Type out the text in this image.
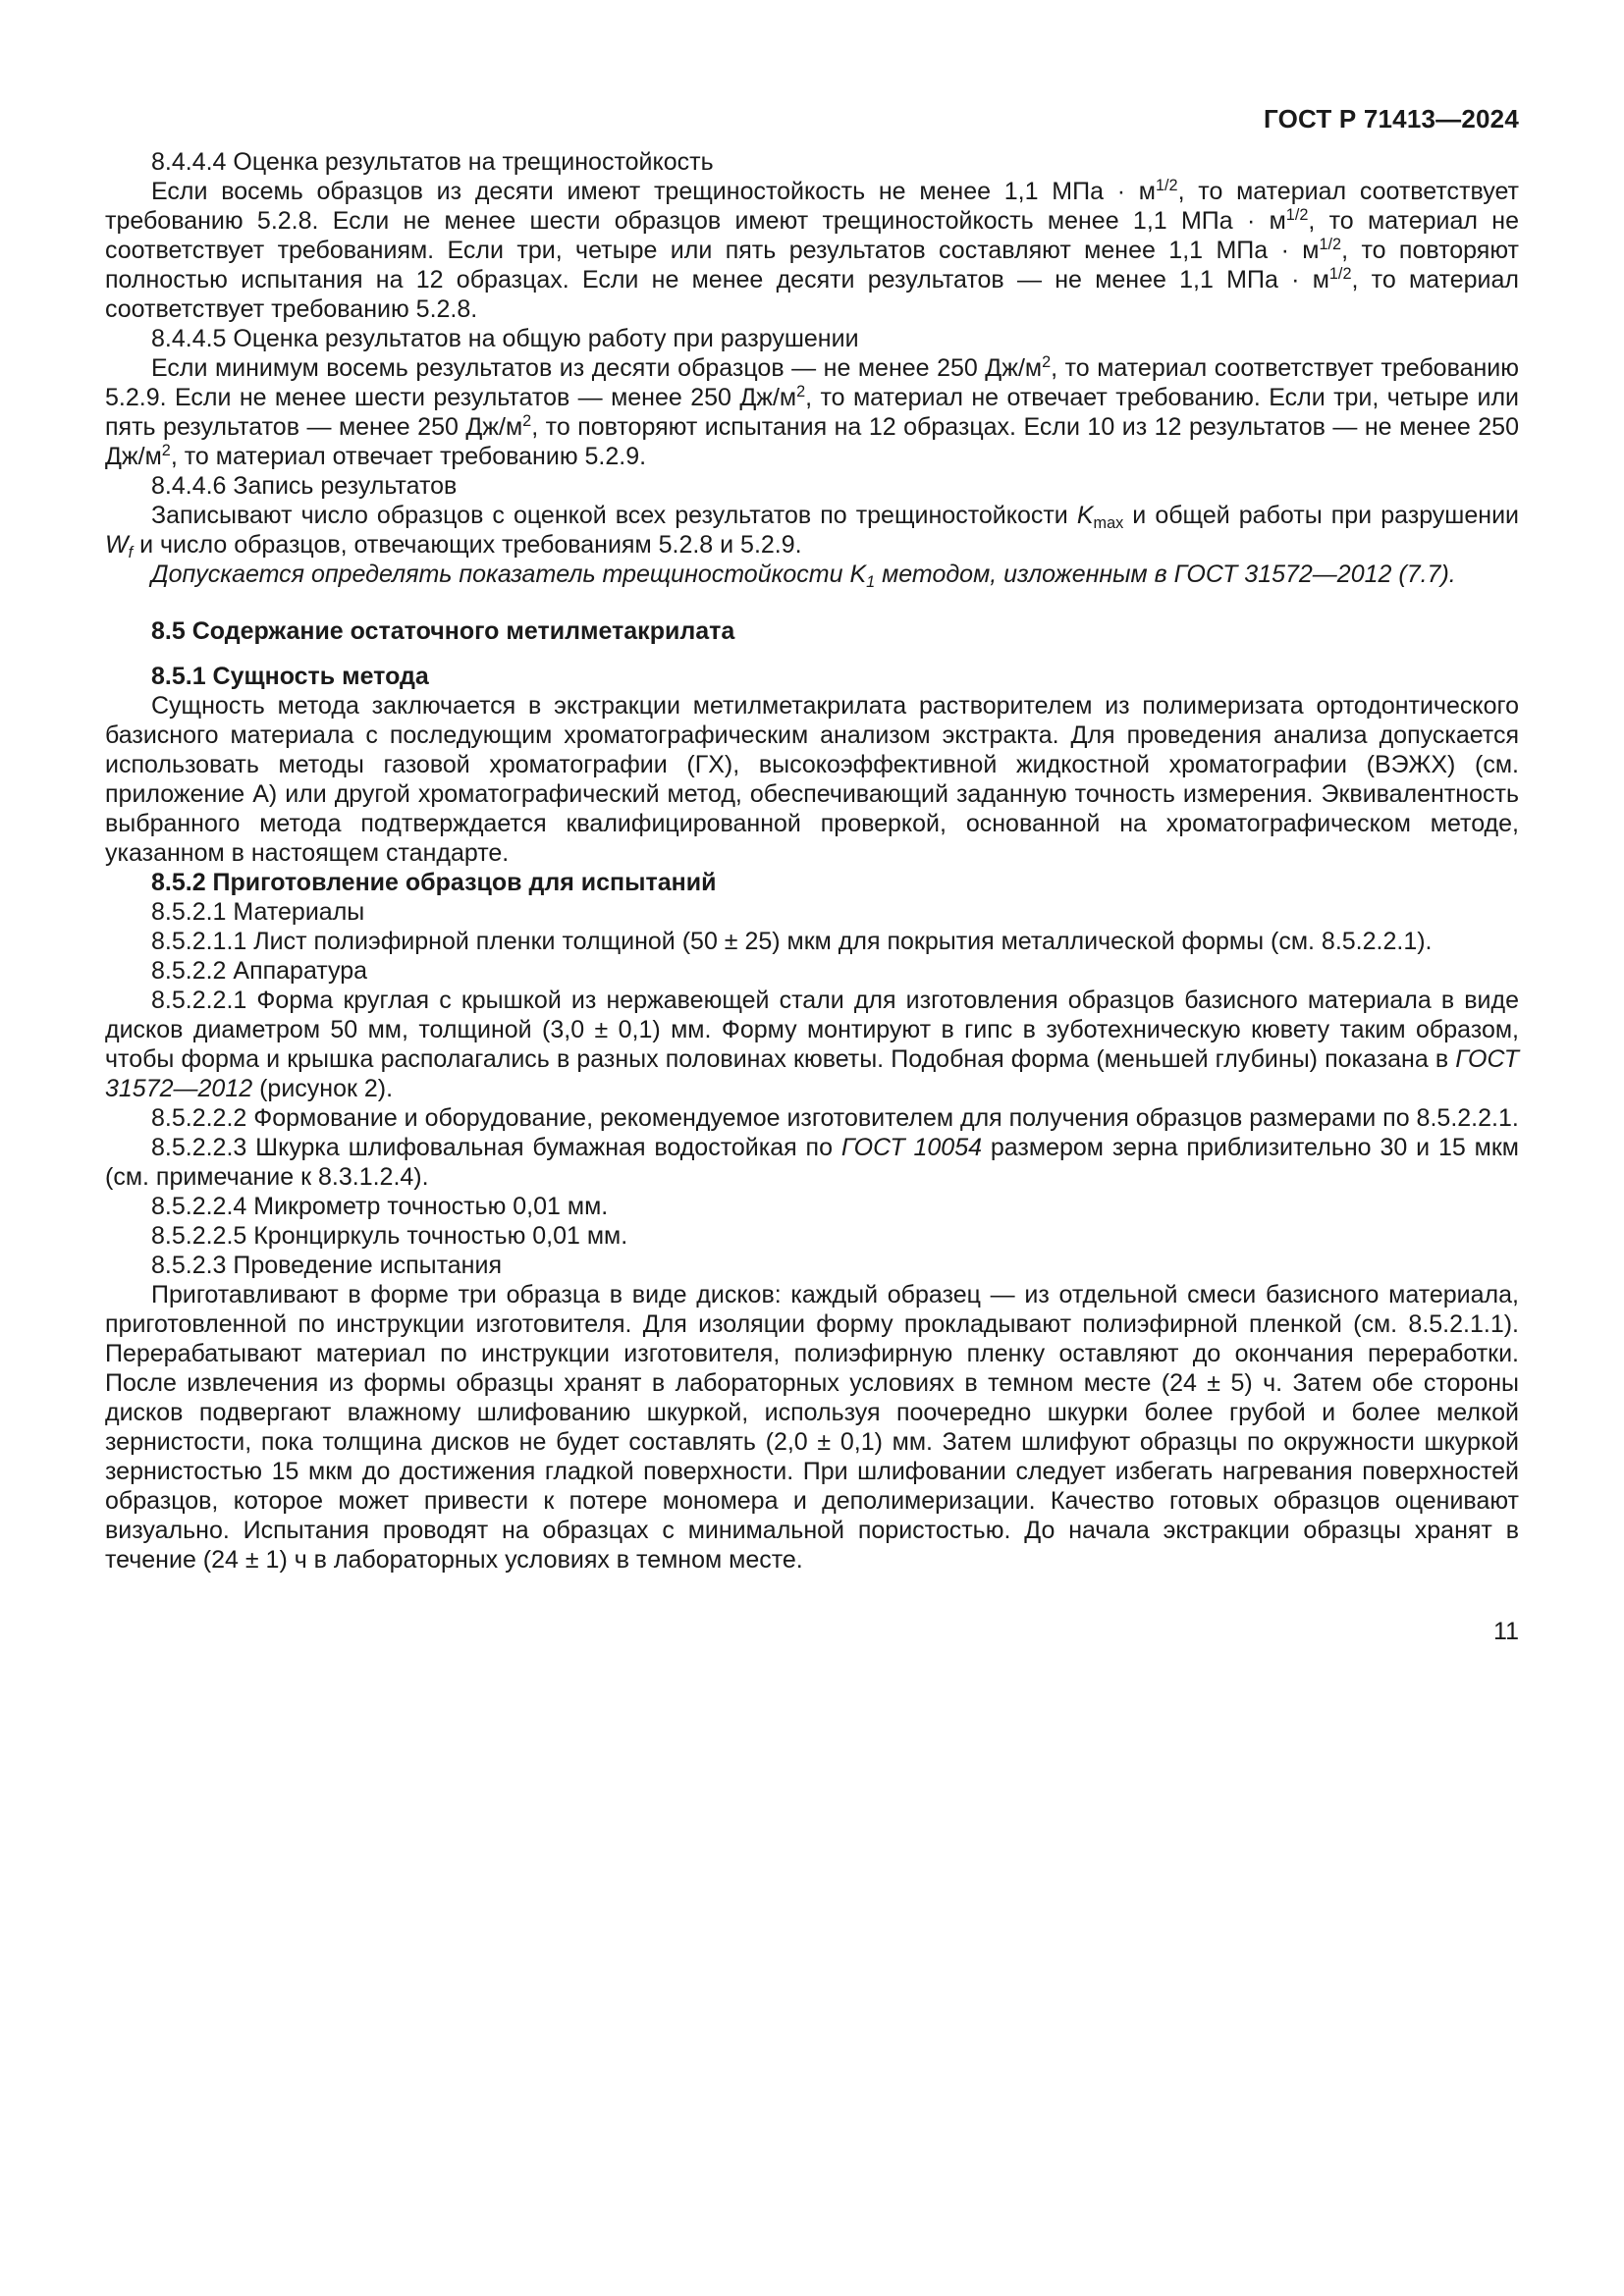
ГОСТ Р 71413—2024

8.4.4.4 Оценка результатов на трещиностойкость

Если восемь образцов из десяти имеют трещиностойкость не менее 1,1 МПа · $м^{1/2}$, то материал соответствует требованию 5.2.8. Если не менее шести образцов имеют трещиностойкость менее 1,1 МПа · $м^{1/2}$, то материал не соответствует требованиям. Если три, четыре или пять результатов составляют менее 1,1 МПа · $м^{1/2}$, то повторяют полностью испытания на 12 образцах. Если не менее десяти результатов — не менее 1,1 МПа · $м^{1/2}$, то материал соответствует требованию 5.2.8.

8.4.4.5 Оценка результатов на общую работу при разрушении

Если минимум восемь результатов из десяти образцов — не менее 250 $Дж/м^2$, то материал соответствует требованию 5.2.9. Если не менее шести результатов — менее 250 $Дж/м^2$, то материал не отвечает требованию. Если три, четыре или пять результатов — менее 250 $Дж/м^2$, то повторяют испытания на 12 образцах. Если 10 из 12 результатов — не менее 250 $Дж/м^2$, то материал отвечает требованию 5.2.9.

8.4.4.6 Запись результатов

Записывают число образцов с оценкой всех результатов по трещиностойкости $K_{max}$ и общей работы при разрушении $W_f$ и число образцов, отвечающих требованиям 5.2.8 и 5.2.9.

Допускается определять показатель трещиностойкости $K_1$ методом, изложенным в ГОСТ 31572—2012 (7.7).

8.5 Содержание остаточного метилметакрилата

8.5.1 Сущность метода

Сущность метода заключается в экстракции метилметакрилата растворителем из полимеризата ортодонтического базисного материала с последующим хроматографическим анализом экстракта. Для проведения анализа допускается использовать методы газовой хроматографии (ГХ), высокоэффективной жидкостной хроматографии (ВЭЖХ) (см. приложение А) или другой хроматографический метод, обеспечивающий заданную точность измерения. Эквивалентность выбранного метода подтверждается квалифицированной проверкой, основанной на хроматографическом методе, указанном в настоящем стандарте.

8.5.2 Приготовление образцов для испытаний

8.5.2.1 Материалы

8.5.2.1.1 Лист полиэфирной пленки толщиной (50 ± 25) мкм для покрытия металлической формы (см. 8.5.2.2.1).

8.5.2.2 Аппаратура

8.5.2.2.1 Форма круглая с крышкой из нержавеющей стали для изготовления образцов базисного материала в виде дисков диаметром 50 мм, толщиной (3,0 ± 0,1) мм. Форму монтируют в гипс в зуботехническую кювету таким образом, чтобы форма и крышка располагались в разных половинах кюветы. Подобная форма (меньшей глубины) показана в ГОСТ 31572—2012 (рисунок 2).

8.5.2.2.2 Формование и оборудование, рекомендуемое изготовителем для получения образцов размерами по 8.5.2.2.1.

8.5.2.2.3 Шкурка шлифовальная бумажная водостойкая по ГОСТ 10054 размером зерна приблизительно 30 и 15 мкм (см. примечание к 8.3.1.2.4).

8.5.2.2.4 Микрометр точностью 0,01 мм.

8.5.2.2.5 Кронциркуль точностью 0,01 мм.

8.5.2.3 Проведение испытания

Приготавливают в форме три образца в виде дисков: каждый образец — из отдельной смеси базисного материала, приготовленной по инструкции изготовителя. Для изоляции форму прокладывают полиэфирной пленкой (см. 8.5.2.1.1). Перерабатывают материал по инструкции изготовителя, полиэфирную пленку оставляют до окончания переработки. После извлечения из формы образцы хранят в лабораторных условиях в темном месте (24 ± 5) ч. Затем обе стороны дисков подвергают влажному шлифованию шкуркой, используя поочередно шкурки более грубой и более мелкой зернистости, пока толщина дисков не будет составлять (2,0 ± 0,1) мм. Затем шлифуют образцы по окружности шкуркой зернистостью 15 мкм до достижения гладкой поверхности. При шлифовании следует избегать нагревания поверхностей образцов, которое может привести к потере мономера и деполимеризации. Качество готовых образцов оценивают визуально. Испытания проводят на образцах с минимальной пористостью. До начала экстракции образцы хранят в течение (24 ± 1) ч в лабораторных условиях в темном месте.

11
